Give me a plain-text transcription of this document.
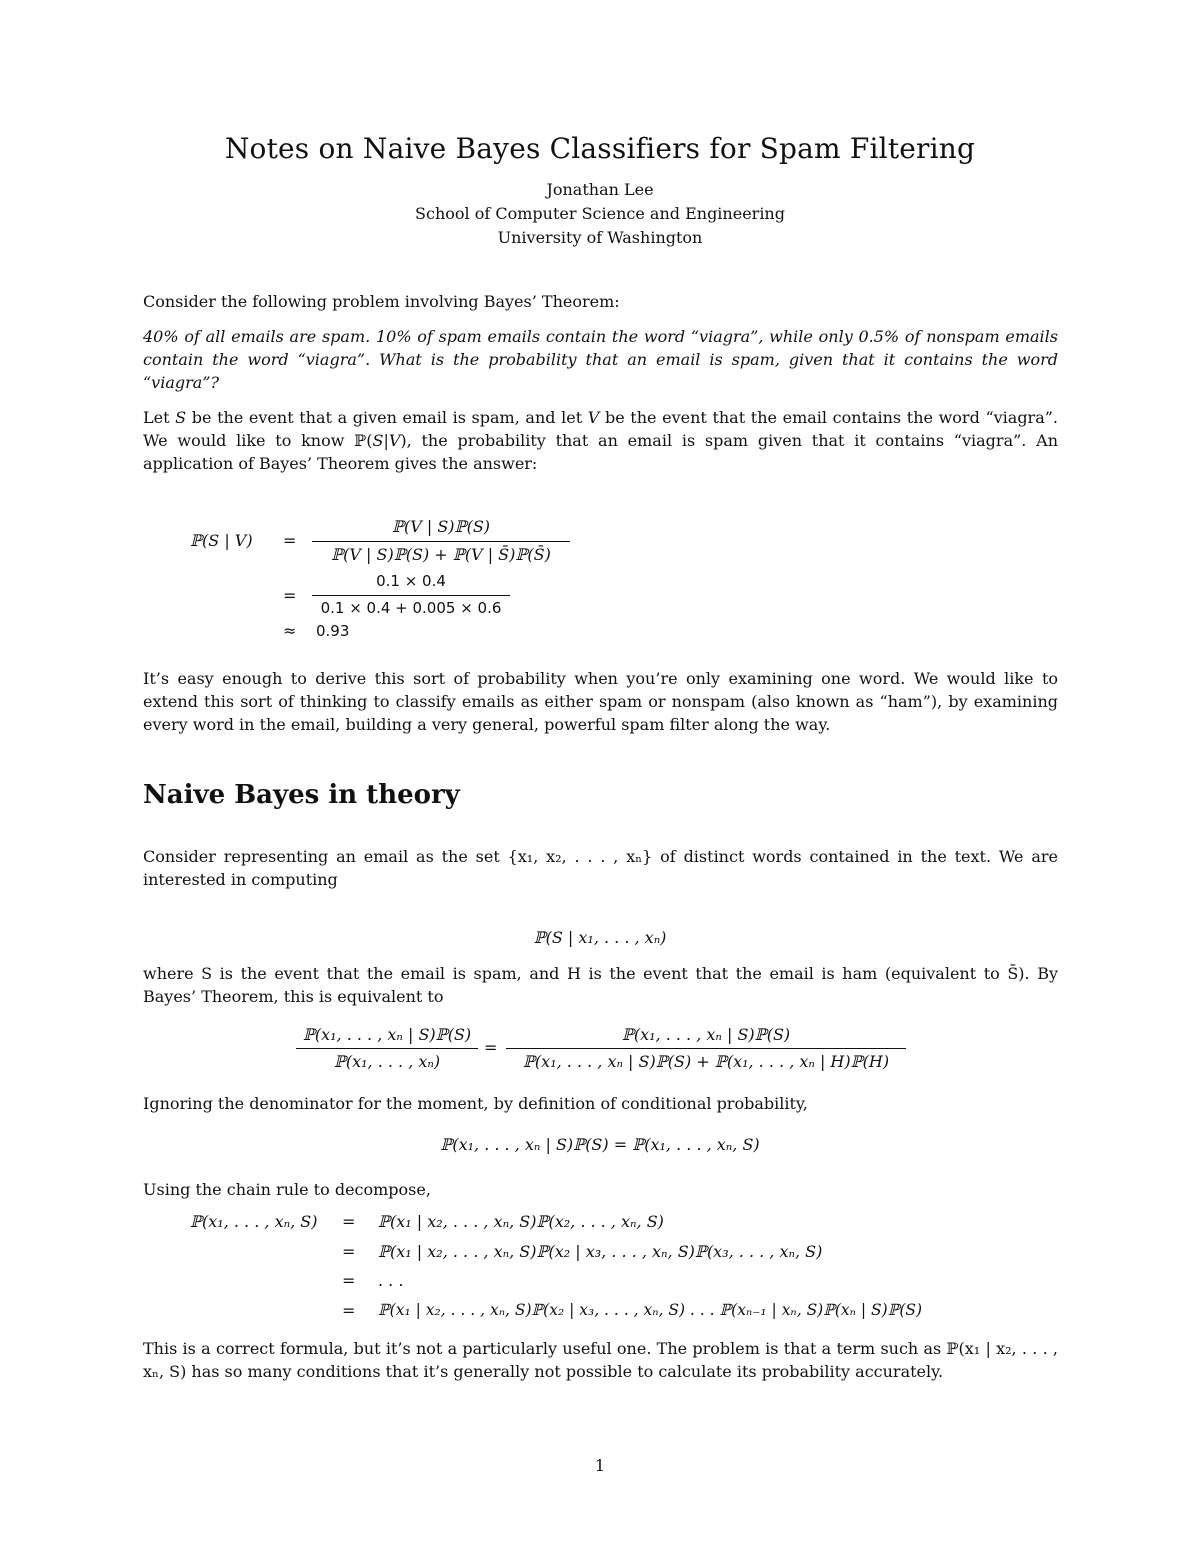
Notes on Naive Bayes Classifiers for Spam Filtering
Jonathan Lee
School of Computer Science and Engineering
University of Washington
Consider the following problem involving Bayes’ Theorem:
40% of all emails are spam. 10% of spam emails contain the word “viagra”, while only 0.5% of nonspam emails contain the word “viagra”. What is the probability that an email is spam, given that it contains the word “viagra”?
Let S be the event that a given email is spam, and let V be the event that the email contains the word “viagra”. We would like to know ℙ(S|V), the probability that an email is spam given that it contains “viagra”. An application of Bayes’ Theorem gives the answer:
ℙ(S | V) =
ℙ(V | S)ℙ(S)
ℙ(V | S)ℙ(S) + ℙ(V | S̄)ℙ(S̄)
=
0.1 × 0.4
0.1 × 0.4 + 0.005 × 0.6
≈ 0.93
It’s easy enough to derive this sort of probability when you’re only examining one word. We would like to extend this sort of thinking to classify emails as either spam or nonspam (also known as “ham”), by examining every word in the email, building a very general, powerful spam filter along the way.
Naive Bayes in theory
Consider representing an email as the set {x₁, x₂, . . . , xₙ} of distinct words contained in the text. We are interested in computing
ℙ(S | x₁, . . . , xₙ)
where S is the event that the email is spam, and H is the event that the email is ham (equivalent to S̄). By Bayes’ Theorem, this is equivalent to
ℙ(x₁, . . . , xₙ | S)ℙ(S)
ℙ(x₁, . . . , xₙ)
=
ℙ(x₁, . . . , xₙ | S)ℙ(S)
ℙ(x₁, . . . , xₙ | S)ℙ(S) + ℙ(x₁, . . . , xₙ | H)ℙ(H)
Ignoring the denominator for the moment, by definition of conditional probability,
ℙ(x₁, . . . , xₙ | S)ℙ(S) = ℙ(x₁, . . . , xₙ, S)
Using the chain rule to decompose,
ℙ(x₁, . . . , xₙ, S) = ℙ(x₁ | x₂, . . . , xₙ, S)ℙ(x₂, . . . , xₙ, S)
= ℙ(x₁ | x₂, . . . , xₙ, S)ℙ(x₂ | x₃, . . . , xₙ, S)ℙ(x₃, . . . , xₙ, S)
= . . .
= ℙ(x₁ | x₂, . . . , xₙ, S)ℙ(x₂ | x₃, . . . , xₙ, S) . . . ℙ(xₙ₋₁ | xₙ, S)ℙ(xₙ | S)ℙ(S)
This is a correct formula, but it’s not a particularly useful one. The problem is that a term such as ℙ(x₁ | x₂, . . . , xₙ, S) has so many conditions that it’s generally not possible to calculate its probability accurately.
1
